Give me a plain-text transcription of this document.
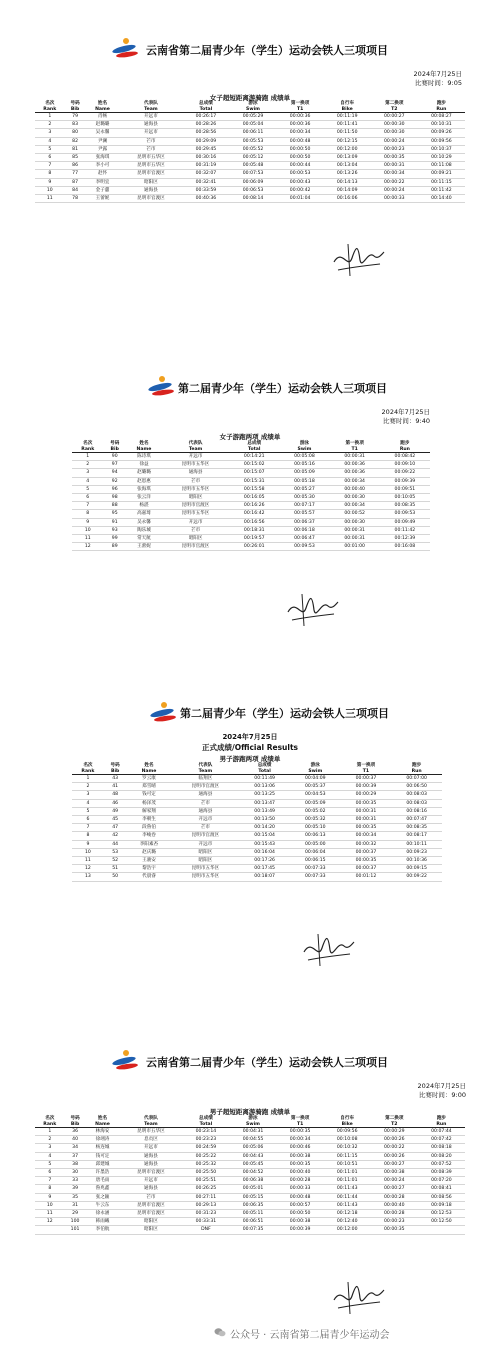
云南省第二届青少年（学生）运动会铁人三项项目
2024年7月25日
比赛时间：9:05
女子超短距离游骑跑 成绩单
名次	号码	姓名	代表队	总成绩	游泳	第一换项	自行车	第二换项	跑步
Rank	Bib	Name	Team	Total	Swim	T1	Bike	T2	Run
1	79	肖畅	开远市	00:26:17	00:05:29	00:00:36	00:11:19	00:00:27	00:08:27
2	83	赵璐璐	通海县	00:28:26	00:05:04	00:00:36	00:11:41	00:00:30	00:10:31
3	80	吴永馨	开远市	00:28:56	00:06:11	00:00:34	00:11:50	00:00:30	00:09:26
4	82	尹澜	芒市	00:29:09	00:05:53	00:00:48	00:12:15	00:00:24	00:09:56
5	81	尹露	芒市	00:29:45	00:05:52	00:00:50	00:12:00	00:00:23	00:10:37
6	85	张海琪	昆明市五华区	00:30:16	00:05:12	00:00:50	00:13:09	00:00:35	00:10:29
7	86	李小可	昆明市五华区	00:31:19	00:05:48	00:00:44	00:13:04	00:00:31	00:11:08
8	77	赵怀	昆明市官渡区	00:32:07	00:07:53	00:00:53	00:13:26	00:00:34	00:09:21
9	87	李明宜	昭阳区	00:32:41	00:06:09	00:00:43	00:14:13	00:00:22	00:11:15
10	84	金子蕙	通海县	00:33:59	00:06:53	00:00:42	00:14:09	00:00:24	00:11:42
11	78	王蕾妮	昆明市官渡区	00:40:36	00:08:14	00:01:04	00:16:06	00:00:33	00:14:40
第二届青少年（学生）运动会铁人三项项目
2024年7月25日
比赛时间：9:40
女子游跑两项 成绩单
名次	号码	姓名	代表队	总成绩	游泳	第一换项	跑步
Rank	Bib	Name	Team	Total	Swim	T1	Run
1	90	陈诗琪	开远市	00:14:21	00:05:08	00:00:31	00:08:42
2	97	徐益	昆明市五华区	00:15:02	00:05:16	00:00:36	00:09:10
3	94	赵璐璐	通海县	00:15:07	00:05:09	00:00:36	00:09:22
4	92	赵恩惠	芒市	00:15:31	00:05:18	00:00:34	00:09:39
5	96	张海琪	昆明市五华区	00:15:58	00:05:27	00:00:40	00:09:51
6	98	张云洋	昭阳区	00:16:05	00:05:30	00:00:30	00:10:05
7	88	杨湛	昆明市官渡区	00:16:26	00:07:17	00:00:34	00:08:35
8	95	高嘉琦	昆明市五华区	00:16:42	00:05:57	00:00:52	00:09:53
9	91	吴永馨	开远市	00:16:56	00:06:37	00:00:30	00:09:49
10	93	陶乐城	芒市	00:18:31	00:06:18	00:00:31	00:11:42
11	99	常天航	昭阳区	00:19:57	00:06:47	00:00:31	00:12:39
12	89	王蕾妮	昆明市官渡区	00:26:01	00:09:53	00:01:00	00:16:08
第二届青少年（学生）运动会铁人三项项目
2024年7月25日
正式成绩/Official Results
男子游跑两项 成绩单
名次	号码	姓名	代表队	总成绩	游泳	第一换项	跑步
Rank	Bib	Name	Team	Total	Swim	T1	Run
1	43	罗云康	临翔区	00:11:49	00:04:09	00:00:37	00:07:00
2	41	郑雪晴	昆明市官渡区	00:13:06	00:05:37	00:00:39	00:06:50
3	48	钱可定	通海县	00:13:25	00:04:53	00:00:29	00:08:03
4	46	杨泽茂	芒市	00:13:47	00:05:09	00:00:35	00:08:03
5	49	解家翔	通海县	00:13:49	00:05:02	00:00:31	00:08:16
6	45	李朝生	开远市	00:13:50	00:05:32	00:00:31	00:07:47
7	47	段鲁伯	芒市	00:14:20	00:05:10	00:00:35	00:08:35
8	42	李峻卷	昆明市官渡区	00:15:04	00:06:13	00:00:34	00:08:17
9	44	李阳素杏	开远市	00:15:43	00:05:00	00:00:32	00:10:11
10	53	赵庆璐	昭阳区	00:16:04	00:06:04	00:00:37	00:09:23
11	52	王骏安	昭阳区	00:17:26	00:06:15	00:00:35	00:10:36
12	51	黎浩宇	昆明市五华区	00:17:45	00:07:33	00:00:37	00:09:15
13	50	代晨睿	昆明市五华区	00:18:07	00:07:33	00:01:12	00:09:22
云南省第二届青少年（学生）运动会铁人三项项目
2024年7月25日
比赛时间：9:00
男子超短距离游骑跑 成绩单
名次	号码	姓名	代表队	总成绩	游泳	第一换项	自行车	第二换项	跑步
Rank	Bib	Name	Team	Total	Swim	T1	Bike	T2	Run
1	36	林海安	昆明市五华区	00:23:14	00:04:31	00:00:35	00:09:56	00:00:29	00:07:44
2	40	徐翊涛	息贡区	00:23:23	00:04:55	00:00:34	00:10:08	00:00:26	00:07:42
3	34	杨连城	开远市	00:24:59	00:05:06	00:00:46	00:10:32	00:00:22	00:08:18
4	37	钱可定	通海县	00:25:22	00:04:43	00:00:38	00:11:15	00:00:26	00:08:20
5	38	邱建城	通海县	00:25:32	00:05:45	00:00:35	00:10:51	00:00:27	00:07:52
6	30	许墨浩	昆明市官渡区	00:25:50	00:04:52	00:00:40	00:11:01	00:00:38	00:08:39
7	33	唐毛雨	开远市	00:25:51	00:06:38	00:00:28	00:11:01	00:00:24	00:07:20
8	39	鲁兆鑫	通海县	00:26:25	00:05:01	00:00:33	00:11:43	00:00:27	00:08:41
9	35	张之颖	芒市	00:27:11	00:05:15	00:00:48	00:11:44	00:00:28	00:08:56
10	31	牛云东	昆明市官渡区	00:29:13	00:06:35	00:00:57	00:11:43	00:00:40	00:09:18
11	29	徐永涵	昆明市官渡区	00:31:23	00:05:11	00:00:50	00:12:18	00:00:28	00:12:53
12	100	韩雨曦	昭阳区	00:33:31	00:06:51	00:00:38	00:12:40	00:00:23	00:12:50
	101	李伯航	昭阳区	DNF	00:07:35	00:00:39	00:12:00	00:00:35	
公众号 · 云南省第二届青少年运动会
